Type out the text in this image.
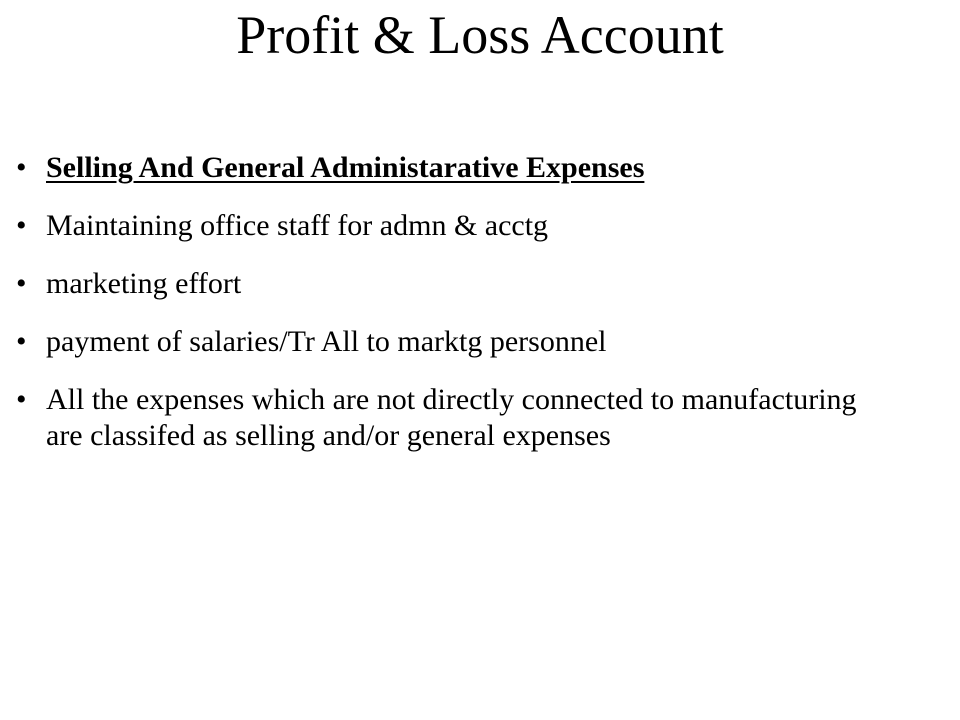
Profit & Loss Account
• Selling And General Administarative Expenses
• Maintaining office staff for admn & acctg
• marketing effort
• payment of salaries/Tr All to marktg personnel
• All the expenses which are not directly connected to manufacturing are classifed as selling and/or general expenses
